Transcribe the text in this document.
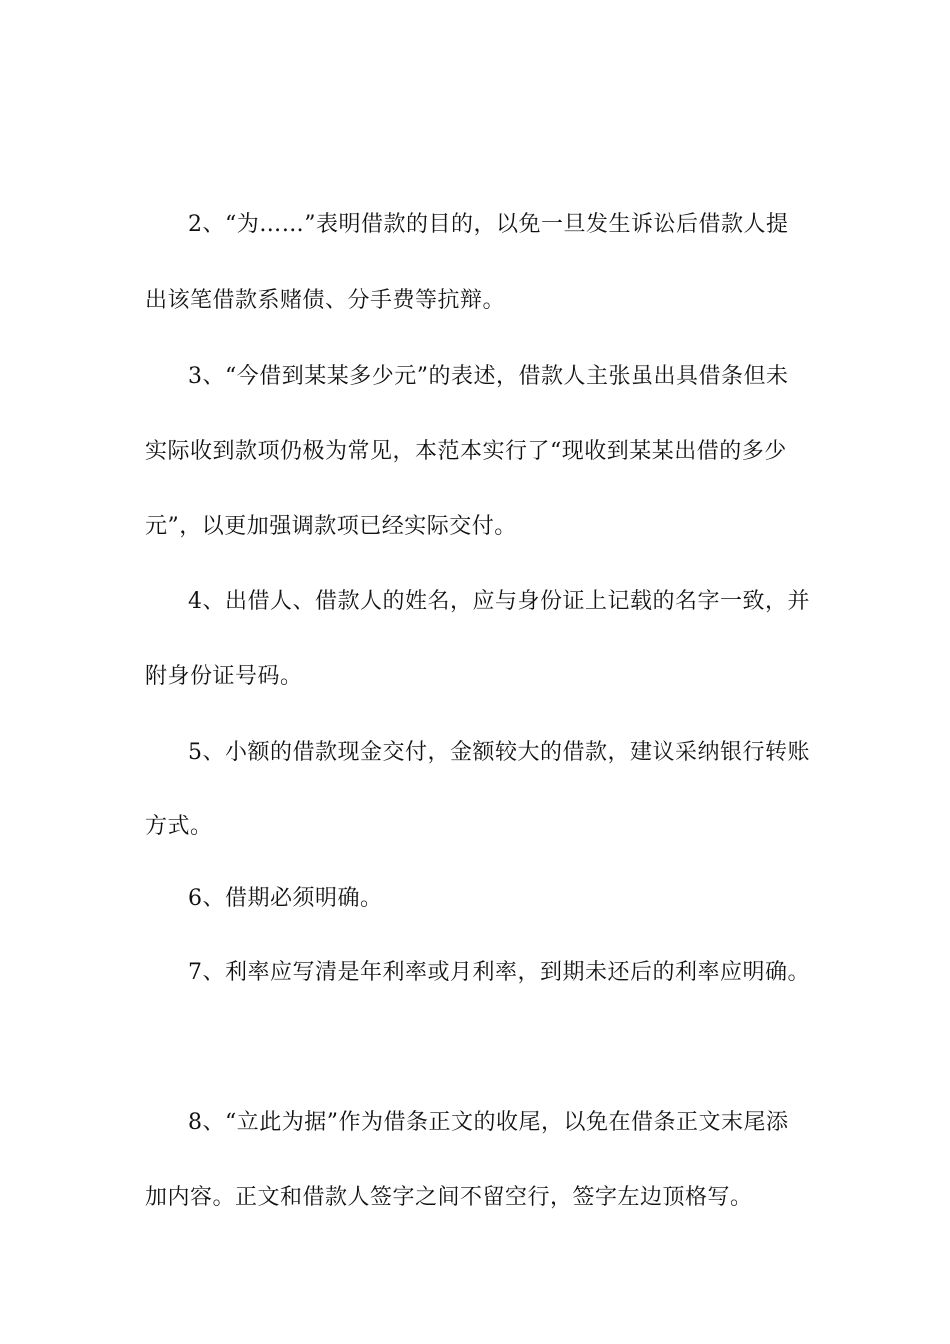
2、“为……”表明借款的目的，以免一旦发生诉讼后借款人提
出该笔借款系赌债、分手费等抗辩。
3、“今借到某某多少元”的表述，借款人主张虽出具借条但未
实际收到款项仍极为常见，本范本实行了“现收到某某出借的多少
元”，以更加强调款项已经实际交付。
4、出借人、借款人的姓名，应与身份证上记载的名字一致，并
附身份证号码。
5、小额的借款现金交付，金额较大的借款，建议采纳银行转账
方式。
6、借期必须明确。
7、利率应写清是年利率或月利率，到期未还后的利率应明确。
8、“立此为据”作为借条正文的收尾，以免在借条正文末尾添
加内容。正文和借款人签字之间不留空行，签字左边顶格写。
